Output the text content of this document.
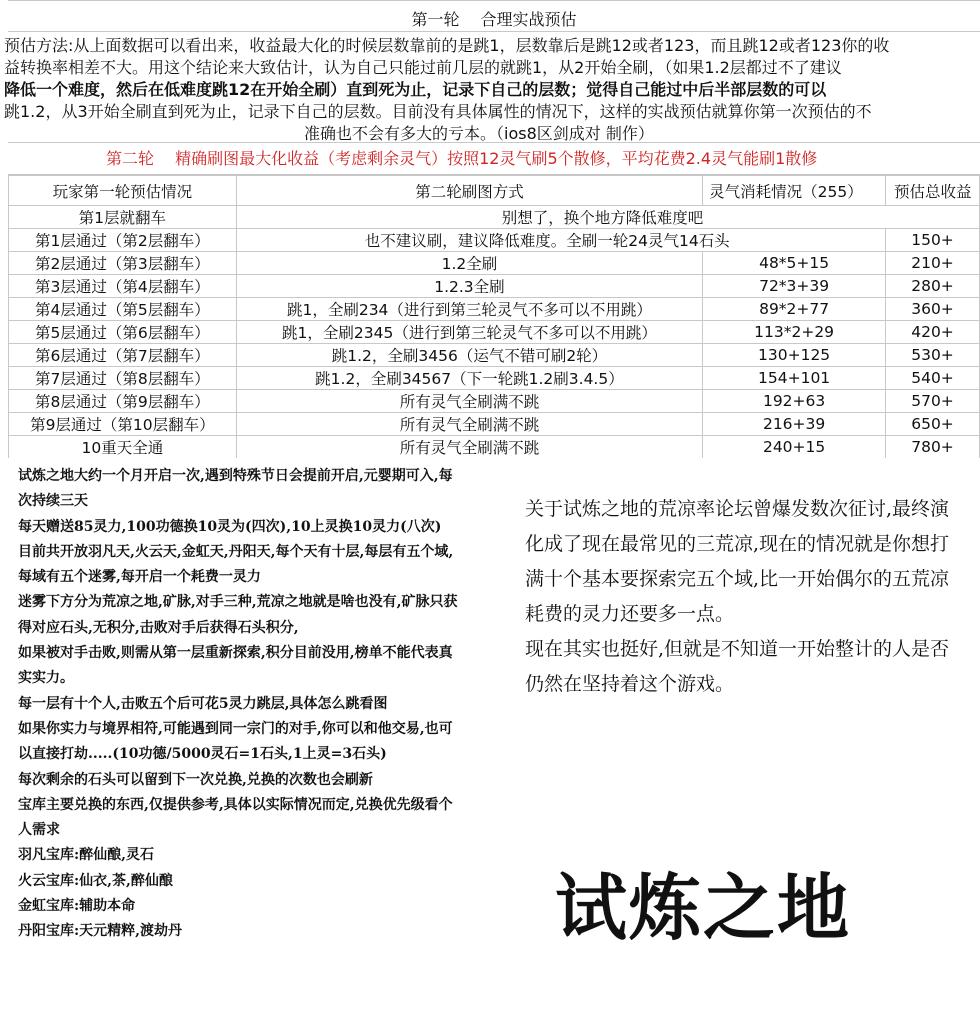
第一轮　 合理实战预估
预估方法:从上面数据可以看出来，收益最大化的时候层数靠前的是跳1，层数靠后是跳12或者123，而且跳12或者123你的收
益转换率相差不大。用这个结论来大致估计，认为自己只能过前几层的就跳1，从2开始全刷，（如果1.2层都过不了建议
降低一个难度，然后在低难度跳12在开始全刷）直到死为止，记录下自己的层数；觉得自己能过中后半部层数的可以
跳1.2，从3开始全刷直到死为止，记录下自己的层数。目前没有具体属性的情况下，这样的实战预估就算你第一次预估的不
准确也不会有多大的亏本。（ios8区剑成对 制作）
第二轮　 精确刷图最大化收益（考虑剩余灵气）按照12灵气刷5个散修，平均花费2.4灵气能刷1散修
玩家第一轮预估情况	第二轮刷图方式	灵气消耗情况（255）	预估总收益
第1层就翻车	别想了，换个地方降低难度吧		
第1层通过（第2层翻车）	也不建议刷，建议降低难度。全刷一轮24灵气14石头		150+
第2层通过（第3层翻车）	1.2全刷	48*5+15	210+
第3层通过（第4层翻车）	1.2.3全刷	72*3+39	280+
第4层通过（第5层翻车）	跳1，全刷234（进行到第三轮灵气不多可以不用跳）	89*2+77	360+
第5层通过（第6层翻车）	跳1，全刷2345（进行到第三轮灵气不多可以不用跳）	113*2+29	420+
第6层通过（第7层翻车）	跳1.2，全刷3456（运气不错可刷2轮）	130+125	530+
第7层通过（第8层翻车）	跳1.2，全刷34567（下一轮跳1.2刷3.4.5）	154+101	540+
第8层通过（第9层翻车）	所有灵气全刷满不跳	192+63	570+
第9层通过（第10层翻车）	所有灵气全刷满不跳	216+39	650+
10重天全通	所有灵气全刷满不跳	240+15	780+
​
试炼之地大约一个月开启一次,遇到特殊节日会提前开启,元婴期可入,每次持续三天
每天赠送85灵力,100功德换10灵为(四次),10上灵换10灵力(八次)
目前共开放羽凡天,火云天,金虹天,丹阳天,每个天有十层,每层有五个域,每域有五个迷雾,每开启一个耗费一灵力
迷雾下方分为荒凉之地,矿脉,对手三种,荒凉之地就是啥也没有,矿脉只获得对应石头,无积分,击败对手后获得石头积分,
如果被对手击败,则需从第一层重新探索,积分目前没用,榜单不能代表真实实力。
每一层有十个人,击败五个后可花5灵力跳层,具体怎么跳看图
如果你实力与境界相符,可能遇到同一宗门的对手,你可以和他交易,也可以直接打劫.....(10功德/5000灵石=1石头,1上灵=3石头)
每次剩余的石头可以留到下一次兑换,兑换的次数也会刷新
宝库主要兑换的东西,仅提供参考,具体以实际情况而定,兑换优先级看个人需求
羽凡宝库:醉仙酿,灵石
火云宝库:仙衣,茶,醉仙酿
金虹宝库:辅助本命
丹阳宝库:天元精粹,渡劫丹
关于试炼之地的荒凉率论坛曾爆发数次征讨,最终演化成了现在最常见的三荒凉,现在的情况就是你想打满十个基本要探索完五个域,比一开始偶尔的五荒凉耗费的灵力还要多一点。
现在其实也挺好,但就是不知道一开始整计的人是否仍然在坚持着这个游戏。
试炼之地
